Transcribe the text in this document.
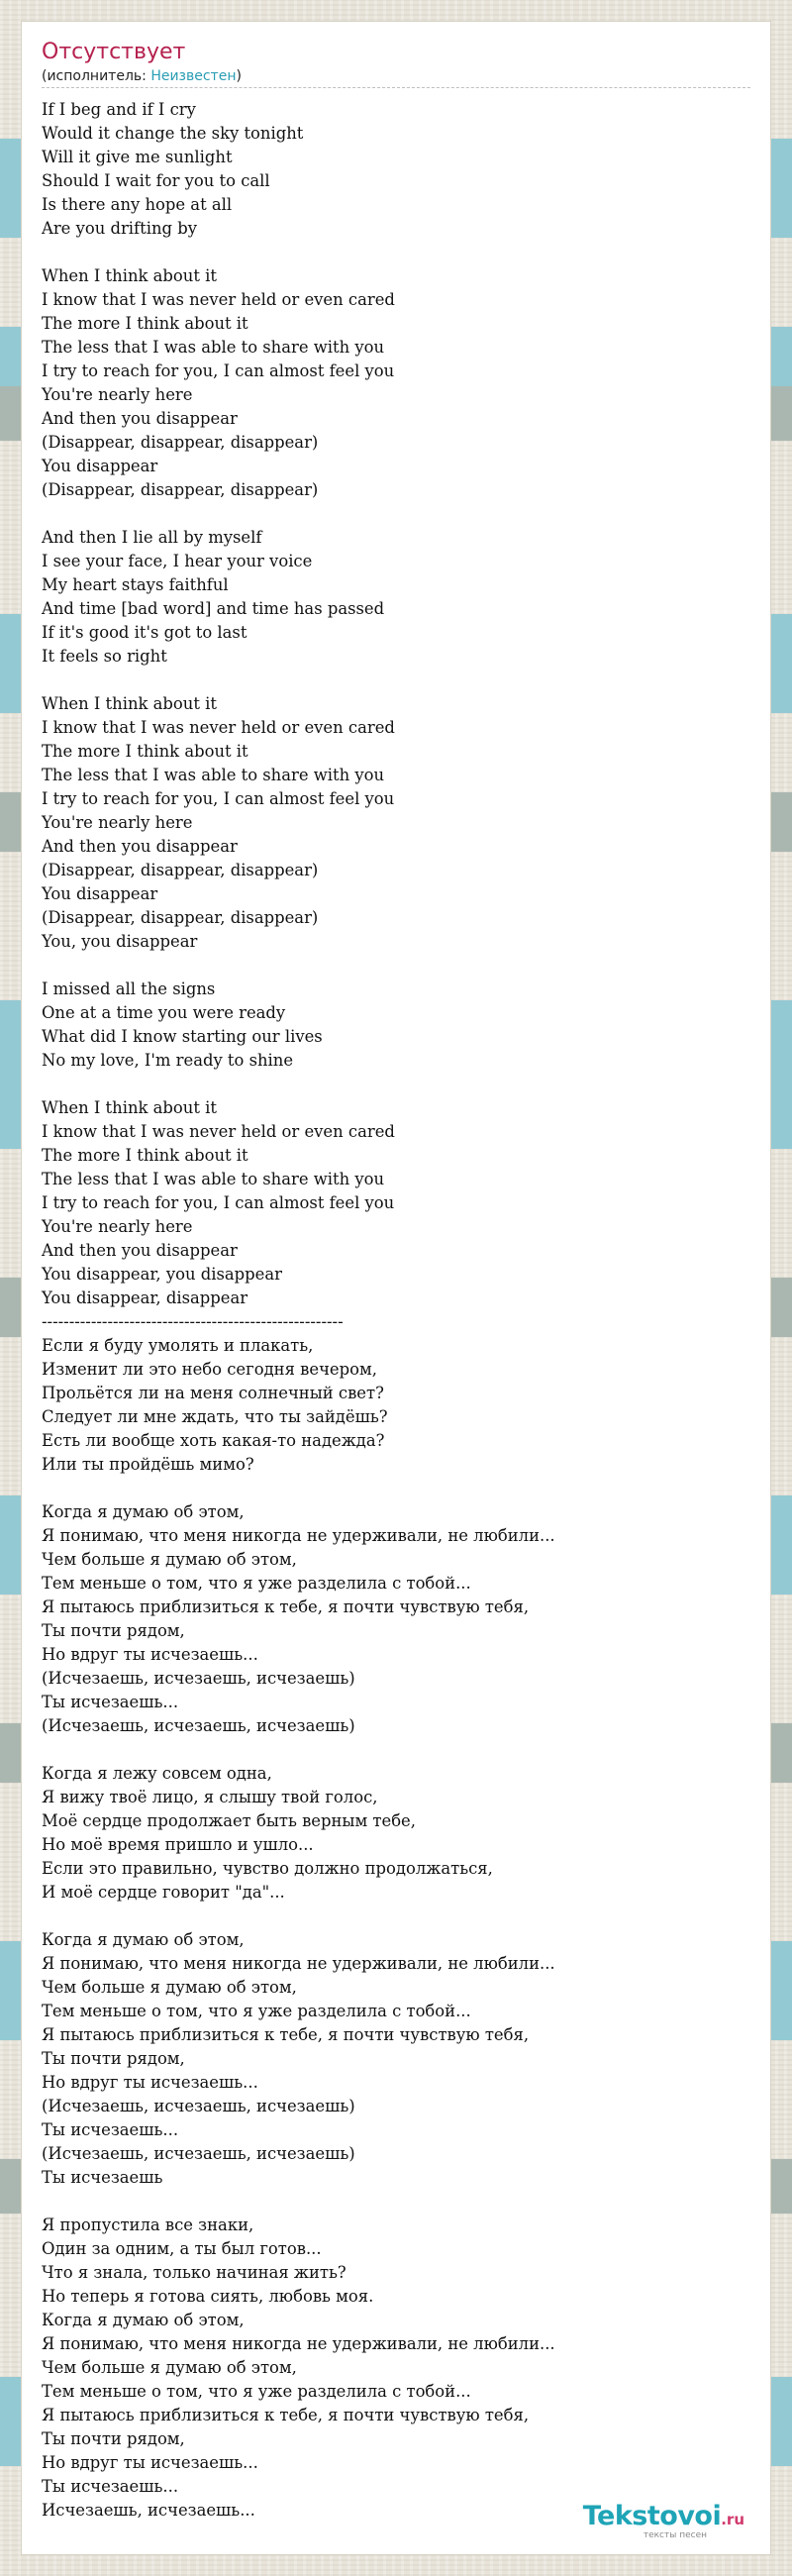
Отсутствует
(исполнитель: Неизвестен)
If I beg and if I cry
Would it change the sky tonight
Will it give me sunlight
Should I wait for you to call
Is there any hope at all
Are you drifting by

When I think about it
I know that I was never held or even cared
The more I think about it
The less that I was able to share with you
I try to reach for you, I can almost feel you
You're nearly here
And then you disappear
(Disappear, disappear, disappear)
You disappear
(Disappear, disappear, disappear)

And then I lie all by myself
I see your face, I hear your voice
My heart stays faithful
And time [bad word] and time has passed
If it's good it's got to last
It feels so right

When I think about it
I know that I was never held or even cared
The more I think about it
The less that I was able to share with you
I try to reach for you, I can almost feel you
You're nearly here
And then you disappear
(Disappear, disappear, disappear)
You disappear
(Disappear, disappear, disappear)
You, you disappear

I missed all the signs
One at a time you were ready
What did I know starting our lives
No my love, I'm ready to shine

When I think about it
I know that I was never held or even cared
The more I think about it
The less that I was able to share with you
I try to reach for you, I can almost feel you
You're nearly here
And then you disappear
You disappear, you disappear
You disappear, disappear
-------------------------------------------------------
Если я буду умолять и плакать,
Изменит ли это небо сегодня вечером,
Прольётся ли на меня солнечный свет?
Следует ли мне ждать, что ты зайдёшь?
Есть ли вообще хоть какая-то надежда?
Или ты пройдёшь мимо?

Когда я думаю об этом,
Я понимаю, что меня никогда не удерживали, не любили...
Чем больше я думаю об этом,
Тем меньше о том, что я уже разделила с тобой...
Я пытаюсь приблизиться к тебе, я почти чувствую тебя,
Ты почти рядом,
Но вдруг ты исчезаешь...
(Исчезаешь, исчезаешь, исчезаешь)
Ты исчезаешь...
(Исчезаешь, исчезаешь, исчезаешь)

Когда я лежу совсем одна,
Я вижу твоё лицо, я слышу твой голос,
Моё сердце продолжает быть верным тебе,
Но моё время пришло и ушло...
Если это правильно, чувство должно продолжаться,
И моё сердце говорит "да"...

Когда я думаю об этом,
Я понимаю, что меня никогда не удерживали, не любили...
Чем больше я думаю об этом,
Тем меньше о том, что я уже разделила с тобой...
Я пытаюсь приблизиться к тебе, я почти чувствую тебя,
Ты почти рядом,
Но вдруг ты исчезаешь...
(Исчезаешь, исчезаешь, исчезаешь)
Ты исчезаешь...
(Исчезаешь, исчезаешь, исчезаешь)
Ты исчезаешь

Я пропустила все знаки,
Один за одним, а ты был готов...
Что я знала, только начиная жить?
Но теперь я готова сиять, любовь моя.
Когда я думаю об этом,
Я понимаю, что меня никогда не удерживали, не любили...
Чем больше я думаю об этом,
Тем меньше о том, что я уже разделила с тобой...
Я пытаюсь приблизиться к тебе, я почти чувствую тебя,
Ты почти рядом,
Но вдруг ты исчезаешь...
Ты исчезаешь...
Исчезаешь, исчезаешь...	Tekstovoi.ru
тексты песен
